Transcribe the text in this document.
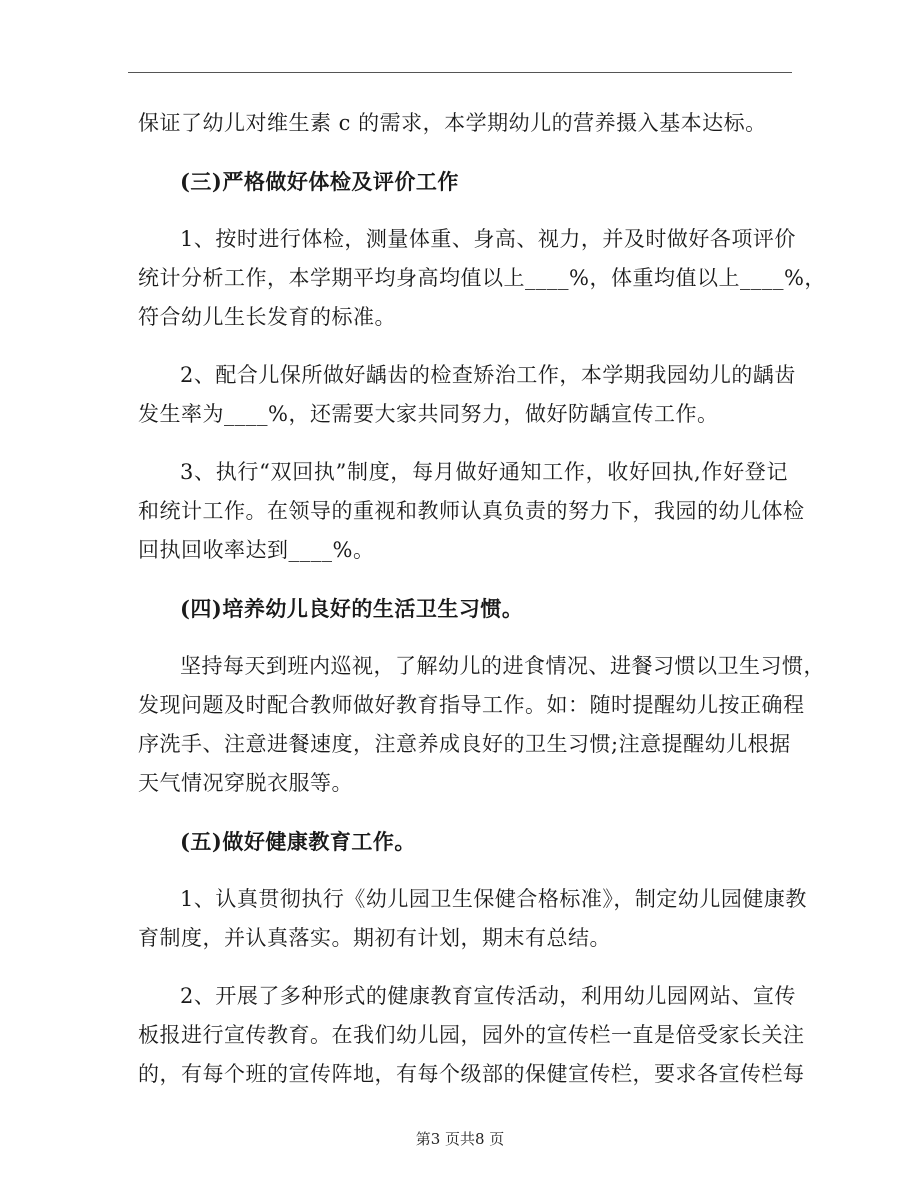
保证了幼儿对维生素 c 的需求，本学期幼儿的营养摄入基本达标。
(三)严格做好体检及评价工作
1、按时进行体检，测量体重、身高、视力，并及时做好各项评价
统计分析工作，本学期平均身高均值以上____%，体重均值以上____%，
符合幼儿生长发育的标准。
2、配合儿保所做好龋齿的检查矫治工作，本学期我园幼儿的龋齿
发生率为____%，还需要大家共同努力，做好防龋宣传工作。
3、执行“双回执”制度，每月做好通知工作，收好回执,作好登记
和统计工作。在领导的重视和教师认真负责的努力下，我园的幼儿体检
回执回收率达到____%。
(四)培养幼儿良好的生活卫生习惯。
坚持每天到班内巡视，了解幼儿的进食情况、进餐习惯以卫生习惯，
发现问题及时配合教师做好教育指导工作。如：随时提醒幼儿按正确程
序洗手、注意进餐速度，注意养成良好的卫生习惯;注意提醒幼儿根据
天气情况穿脱衣服等。
(五)做好健康教育工作。
1、认真贯彻执行《幼儿园卫生保健合格标准》，制定幼儿园健康教
育制度，并认真落实。期初有计划，期末有总结。
2、开展了多种形式的健康教育宣传活动，利用幼儿园网站、宣传
板报进行宣传教育。在我们幼儿园，园外的宣传栏一直是倍受家长关注
的，有每个班的宣传阵地，有每个级部的保健宣传栏，要求各宣传栏每
第3 页共8 页
